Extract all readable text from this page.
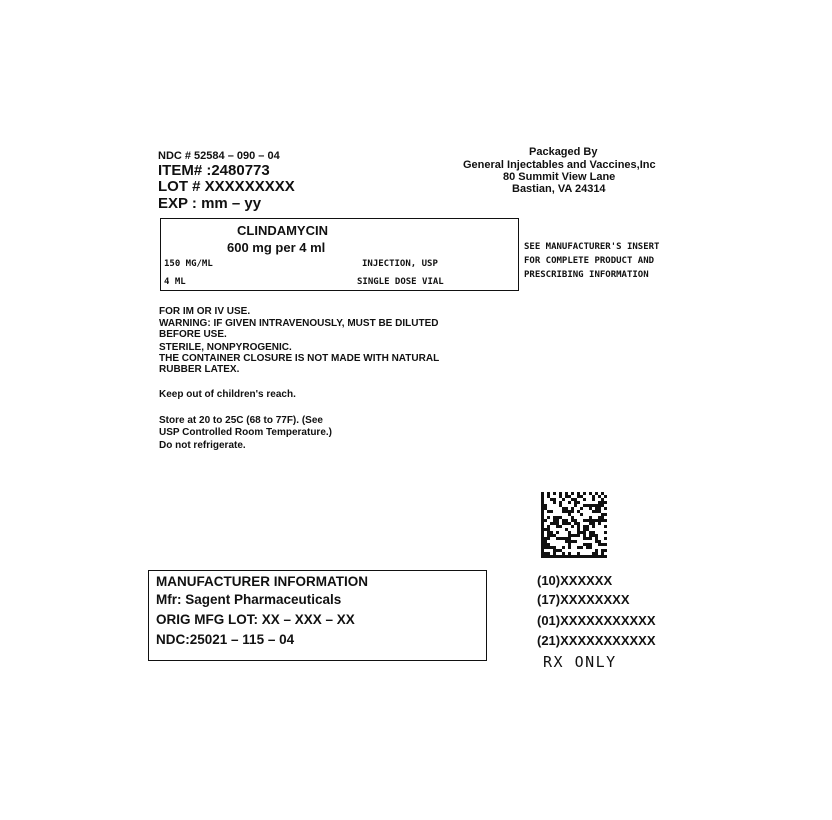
NDC # 52584 – 090 – 04
ITEM# :2480773
LOT # XXXXXXXXX
EXP : mm – yy
Packaged By
General Injectables and Vaccines,Inc
80 Summit View Lane
Bastian, VA 24314
CLINDAMYCIN
600 mg per 4 ml
150 MG/ML	INJECTION, USP
4 ML	SINGLE DOSE VIAL
SEE MANUFACTURER'S INSERT
FOR COMPLETE PRODUCT AND
PRESCRIBING INFORMATION
FOR IM OR IV USE.
WARNING: IF GIVEN INTRAVENOUSLY, MUST BE DILUTED
BEFORE USE.
STERILE, NONPYROGENIC.
THE CONTAINER CLOSURE IS NOT MADE WITH NATURAL
RUBBER LATEX.
Keep out of children's reach.
Store at 20 to 25C (68 to 77F). (See
USP Controlled Room Temperature.)
Do not refrigerate.
MANUFACTURER INFORMATION
Mfr: Sagent Pharmaceuticals
ORIG MFG LOT: XX – XXX – XX
NDC:25021 – 115 – 04
(10)XXXXXX
(17)XXXXXXXX
(01)XXXXXXXXXXX
(21)XXXXXXXXXXX
RX ONLY
